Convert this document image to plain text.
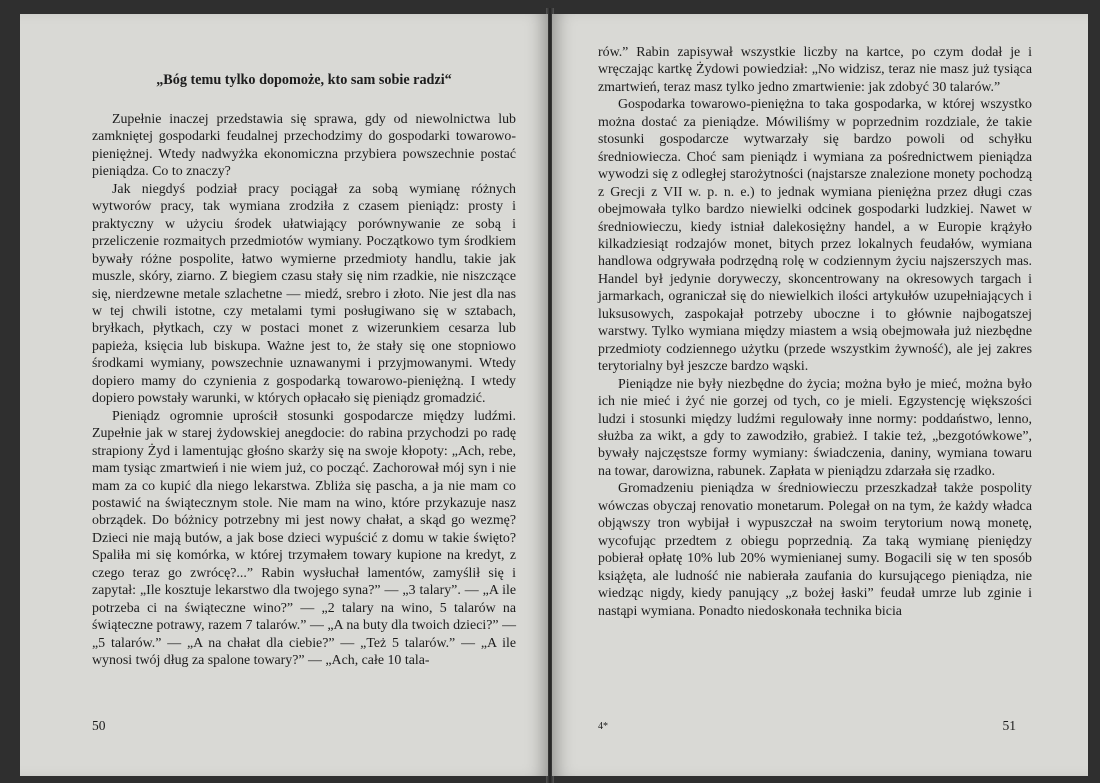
„Bóg temu tylko dopomoże, kto sam sobie radzi“

Zupełnie inaczej przedstawia się sprawa, gdy od niewolnictwa lub zamkniętej gospodarki feudalnej przechodzimy do gospodarki towarowo-pieniężnej. Wtedy nadwyżka ekonomiczna przybiera powszechnie postać pieniądza. Co to znaczy?

Jak niegdyś podział pracy pociągał za sobą wymianę różnych wytworów pracy, tak wymiana zrodziła z czasem pieniądz: prosty i praktyczny w użyciu środek ułatwiający porównywanie ze sobą i przeliczenie rozmaitych przedmiotów wymiany. Początkowo tym środkiem bywały różne pospolite, łatwo wymierne przedmioty handlu, takie jak muszle, skóry, ziarno. Z biegiem czasu stały się nim rzadkie, nie niszczące się, nierdzewne metale szlachetne — miedź, srebro i złoto. Nie jest dla nas w tej chwili istotne, czy metalami tymi posługiwano się w sztabach, bryłkach, płytkach, czy w postaci monet z wizerunkiem cesarza lub papieża, księcia lub biskupa. Ważne jest to, że stały się one stopniowo środkami wymiany, powszechnie uznawanymi i przyjmowanymi. Wtedy dopiero mamy do czynienia z gospodarką towarowo-pieniężną. I wtedy dopiero powstały warunki, w których opłacało się pieniądz gromadzić.

Pieniądz ogromnie uprościł stosunki gospodarcze między ludźmi. Zupełnie jak w starej żydowskiej anegdocie: do rabina przychodzi po radę strapiony Żyd i lamentując głośno skarży się na swoje kłopoty: „Ach, rebe, mam tysiąc zmartwień i nie wiem już, co począć. Zachorował mój syn i nie mam za co kupić dla niego lekarstwa. Zbliża się pascha, a ja nie mam co postawić na świątecznym stole. Nie mam na wino, które przykazuje nasz obrządek. Do bóżnicy potrzebny mi jest nowy chałat, a skąd go wezmę? Dzieci nie mają butów, a jak bose dzieci wypuścić z domu w takie święto? Spaliła mi się komórka, w której trzymałem towary kupione na kredyt, z czego teraz go zwrócę?...” Rabin wysłuchał lamentów, zamyślił się i zapytał: „Ile kosztuje lekarstwo dla twojego syna?” — „3 talary”. — „A ile potrzeba ci na świąteczne wino?” — „2 talary na wino, 5 talarów na świąteczne potrawy, razem 7 talarów.” — „A na buty dla twoich dzieci?” — „5 talarów.” — „A na chałat dla ciebie?” — „Też 5 talarów.” — „A ile wynosi twój dług za spalone towary?” — „Ach, całe 10 tala-

50

rów.” Rabin zapisywał wszystkie liczby na kartce, po czym dodał je i wręczając kartkę Żydowi powiedział: „No widzisz, teraz nie masz już tysiąca zmartwień, teraz masz tylko jedno zmartwienie: jak zdobyć 30 talarów.”

Gospodarka towarowo-pieniężna to taka gospodarka, w której wszystko można dostać za pieniądze. Mówiliśmy w poprzednim rozdziale, że takie stosunki gospodarcze wytwarzały się bardzo powoli od schyłku średniowiecza. Choć sam pieniądz i wymiana za pośrednictwem pieniądza wywodzi się z odległej starożytności (najstarsze znalezione monety pochodzą z Grecji z VII w. p. n. e.) to jednak wymiana pieniężna przez długi czas obejmowała tylko bardzo niewielki odcinek gospodarki ludzkiej. Nawet w średniowieczu, kiedy istniał dalekosiężny handel, a w Europie krążyło kilkadziesiąt rodzajów monet, bitych przez lokalnych feudałów, wymiana handlowa odgrywała podrzędną rolę w codziennym życiu najszerszych mas. Handel był jedynie doryweczy, skoncentrowany na okresowych targach i jarmarkach, ograniczał się do niewielkich ilości artykułów uzupełniających i luksusowych, zaspokajał potrzeby uboczne i to głównie najbogatszej warstwy. Tylko wymiana między miastem a wsią obejmowała już niezbędne przedmioty codziennego użytku (przede wszystkim żywność), ale jej zakres terytorialny był jeszcze bardzo wąski.

Pieniądze nie były niezbędne do życia; można było je mieć, można było ich nie mieć i żyć nie gorzej od tych, co je mieli. Egzystencję większości ludzi i stosunki między ludźmi regulowały inne normy: poddaństwo, lenno, służba za wikt, a gdy to zawodziło, grabież. I takie też, „bezgotówkowe”, bywały najczęstsze formy wymiany: świadczenia, daniny, wymiana towaru na towar, darowizna, rabunek. Zapłata w pieniądzu zdarzała się rzadko.

Gromadzeniu pieniądza w średniowieczu przeszkadzał także pospolity wówczas obyczaj renovatio monetarum. Polegał on na tym, że każdy władca objąwszy tron wybijał i wypuszczał na swoim terytorium nową monetę, wycofując przedtem z obiegu poprzednią. Za taką wymianę pieniędzy pobierał opłatę 10% lub 20% wymienianej sumy. Bogacili się w ten sposób książęta, ale ludność nie nabierała zaufania do kursującego pieniądza, nie wiedząc nigdy, kiedy panujący „z bożej łaski” feudał umrze lub zginie i nastąpi wymiana. Ponadto niedoskonała technika bicia

4*	51
